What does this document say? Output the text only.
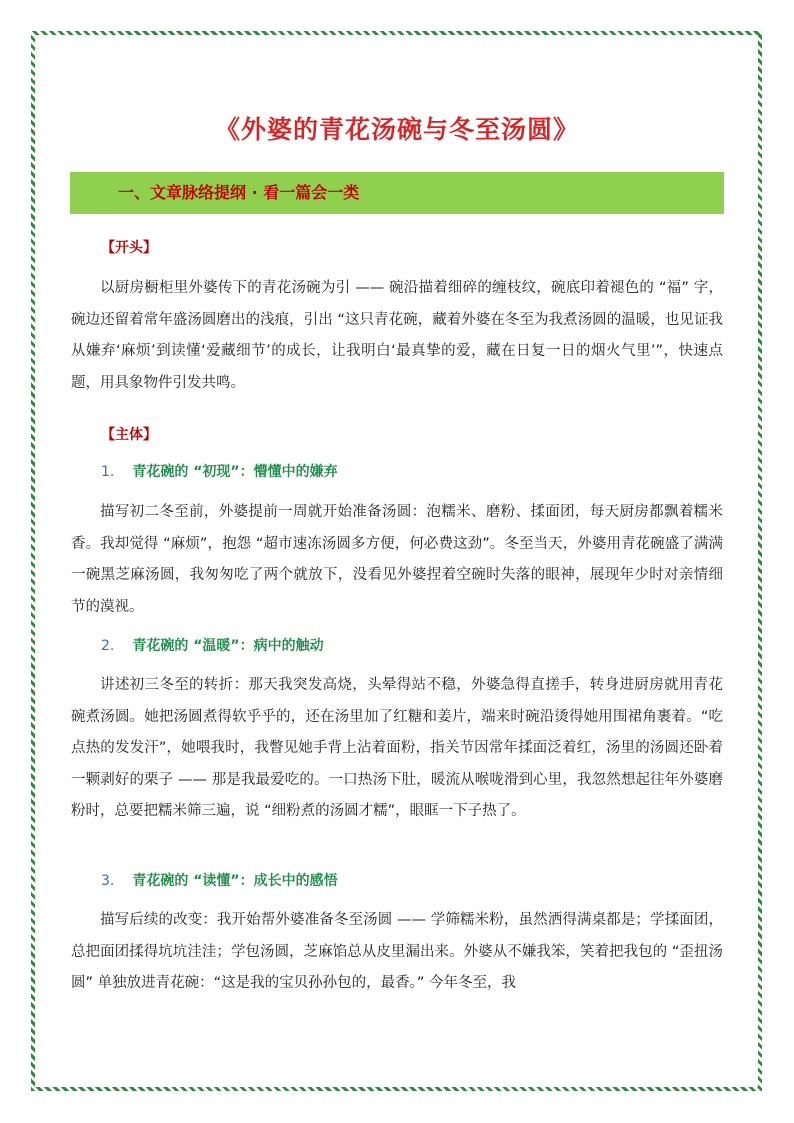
《外婆的青花汤碗与冬至汤圆》
一、文章脉络提纲 · 看一篇会一类
【开头】
以厨房橱柜里外婆传下的青花汤碗为引 —— 碗沿描着细碎的缠枝纹，碗底印着褪色的 “福” 字，碗边还留着常年盛汤圆磨出的浅痕，引出 “这只青花碗，藏着外婆在冬至为我煮汤圆的温暖，也见证我从嫌弃‘麻烦’到读懂‘爱藏细节’的成长，让我明白‘最真挚的爱，藏在日复一日的烟火气里’”，快速点题，用具象物件引发共鸣。
【主体】
1. 青花碗的 “初现”：懵懂中的嫌弃
描写初二冬至前，外婆提前一周就开始准备汤圆：泡糯米、磨粉、揉面团，每天厨房都飘着糯米香。我却觉得 “麻烦”，抱怨 “超市速冻汤圆多方便，何必费这劲”。冬至当天，外婆用青花碗盛了满满一碗黑芝麻汤圆，我匆匆吃了两个就放下，没看见外婆捏着空碗时失落的眼神，展现年少时对亲情细节的漠视。
2. 青花碗的 “温暖”：病中的触动
讲述初三冬至的转折：那天我突发高烧，头晕得站不稳，外婆急得直搓手，转身进厨房就用青花碗煮汤圆。她把汤圆煮得软乎乎的，还在汤里加了红糖和姜片，端来时碗沿烫得她用围裙角裹着。“吃点热的发发汗”，她喂我时，我瞥见她手背上沾着面粉，指关节因常年揉面泛着红，汤里的汤圆还卧着一颗剥好的栗子 —— 那是我最爱吃的。一口热汤下肚，暖流从喉咙滑到心里，我忽然想起往年外婆磨粉时，总要把糯米筛三遍，说 “细粉煮的汤圆才糯”，眼眶一下子热了。
3. 青花碗的 “读懂”：成长中的感悟
描写后续的改变：我开始帮外婆准备冬至汤圆 —— 学筛糯米粉，虽然洒得满桌都是；学揉面团，总把面团揉得坑坑洼洼；学包汤圆，芝麻馅总从皮里漏出来。外婆从不嫌我笨，笑着把我包的 “歪扭汤圆” 单独放进青花碗：“这是我的宝贝孙孙包的，最香。” 今年冬至，我
